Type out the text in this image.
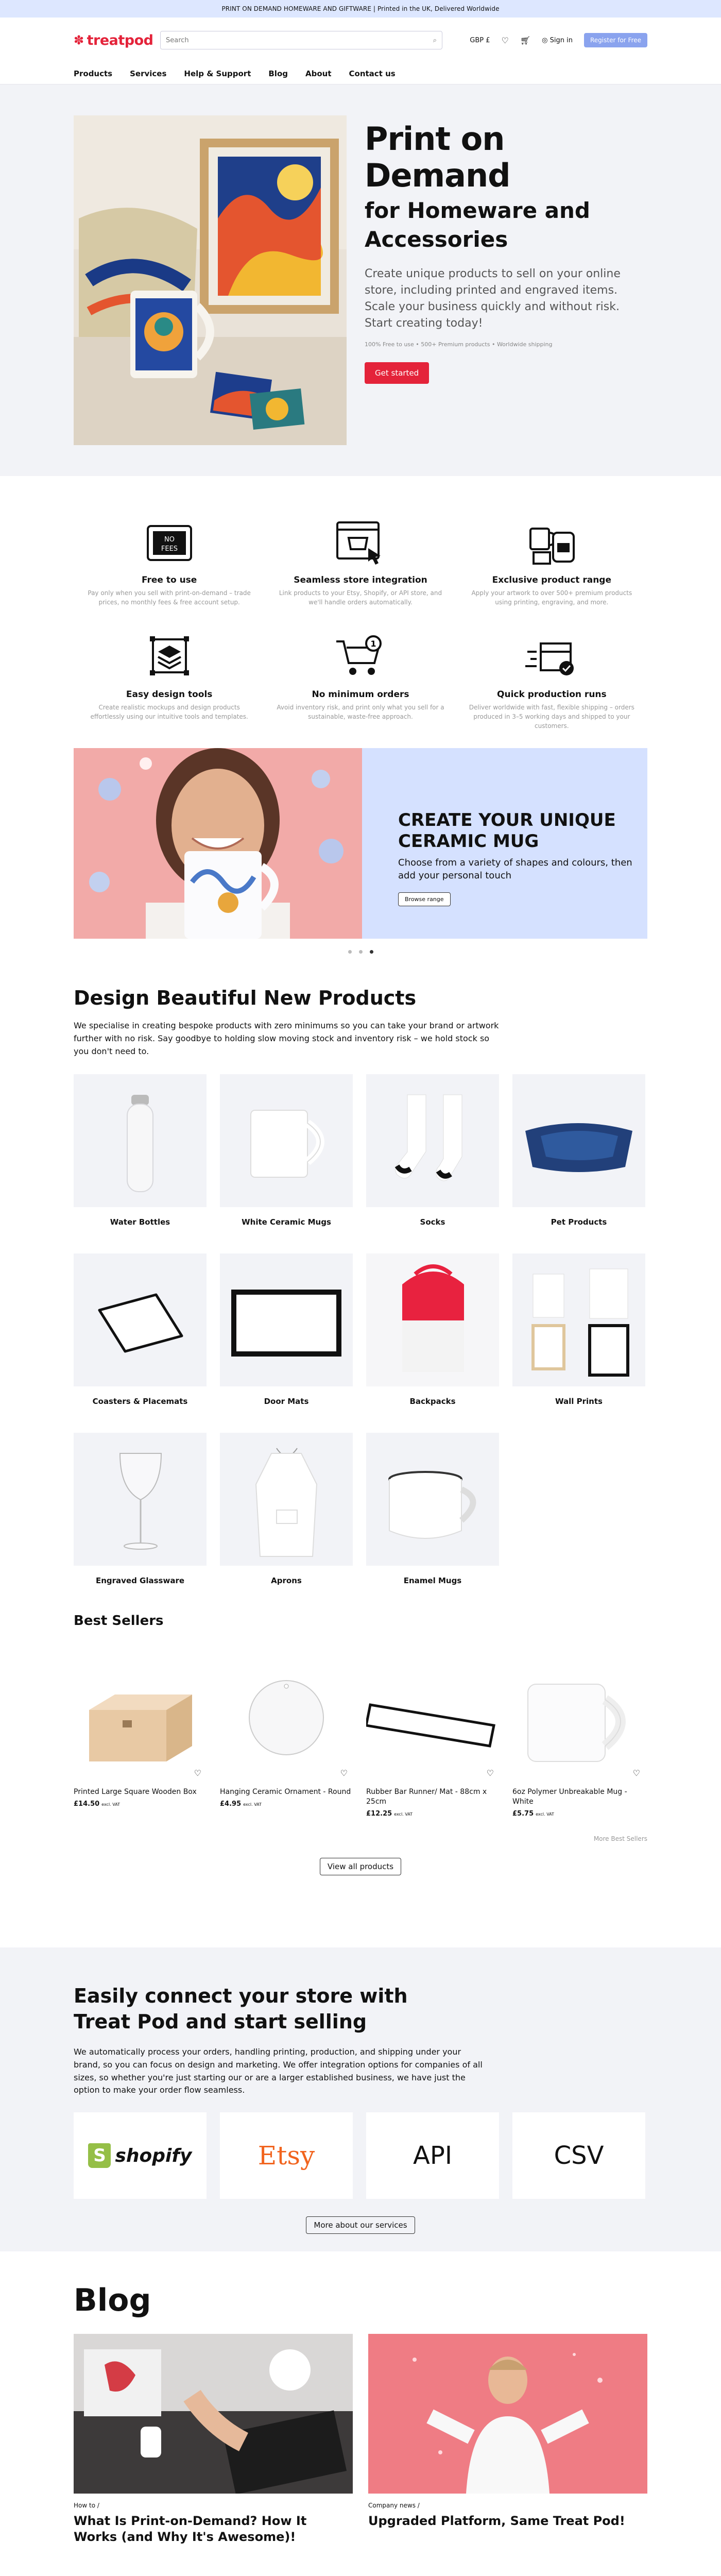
PRINT ON DEMAND HOMEWARE AND GIFTWARE | Printed in the UK, Delivered Worldwide
✽ treatpod Search	⌕	GBP £ ♡ 🛒︎ ◎ Sign in	Register for Free
Products Services Help & Support Blog About Contact us
Print on Demand
for Homeware and Accessories
Create unique products to sell on your online store, including printed and engraved items. Scale your business quickly and without risk. Start creating today!
100% Free to use • 500+ Premium products • Worldwide shipping
Get started
NO
FEES
Free to use
Pay only when you sell with print-on-demand – trade prices, no monthly fees & free account setup.
Seamless store integration
Link products to your Etsy, Shopify, or API store, and we'll handle orders automatically.
Exclusive product range
Apply your artwork to over 500+ premium products using printing, engraving, and more.
Easy design tools
Create realistic mockups and design products effortlessly using our intuitive tools and templates.
1
No minimum orders
Avoid inventory risk, and print only what you sell for a sustainable, waste-free approach.
Quick production runs
Deliver worldwide with fast, flexible shipping – orders produced in 3–5 working days and shipped to your customers.
CREATE YOUR UNIQUE CERAMIC MUG
Choose from a variety of shapes and colours, then add your personal touch
Browse range
Design Beautiful New Products
We specialise in creating bespoke products with zero minimums so you can take your brand or artwork further with no risk. Say goodbye to holding slow moving stock and inventory risk – we hold stock so you don't need to.
Water Bottles	White Ceramic Mugs	Socks	Pet Products
Coasters & Placemats	Door Mats	Backpacks	Wall Prints
Engraved Glassware	Aprons	Enamel Mugs
Best Sellers
♡
Printed Large Square Wooden Box
£14.50 excl. VAT
♡
Hanging Ceramic Ornament - Round
£4.95 excl. VAT
♡
Rubber Bar Runner/ Mat - 88cm x 25cm
£12.25 excl. VAT
♡
6oz Polymer Unbreakable Mug - White
£5.75 excl. VAT
More Best Sellers
View all products
Easily connect your store with Treat Pod and start selling
We automatically process your orders, handling printing, production, and shipping under your brand, so you can focus on design and marketing. We offer integration options for companies of all sizes, so whether you're just starting our or are a larger established business, we have just the option to make your order flow seamless.
S shopify	Etsy	API	CSV
More about our services
Blog
How to /
What Is Print-on-Demand? How It Works (and Why It's Awesome)!
Company news /
Upgraded Platform, Same Treat Pod!
